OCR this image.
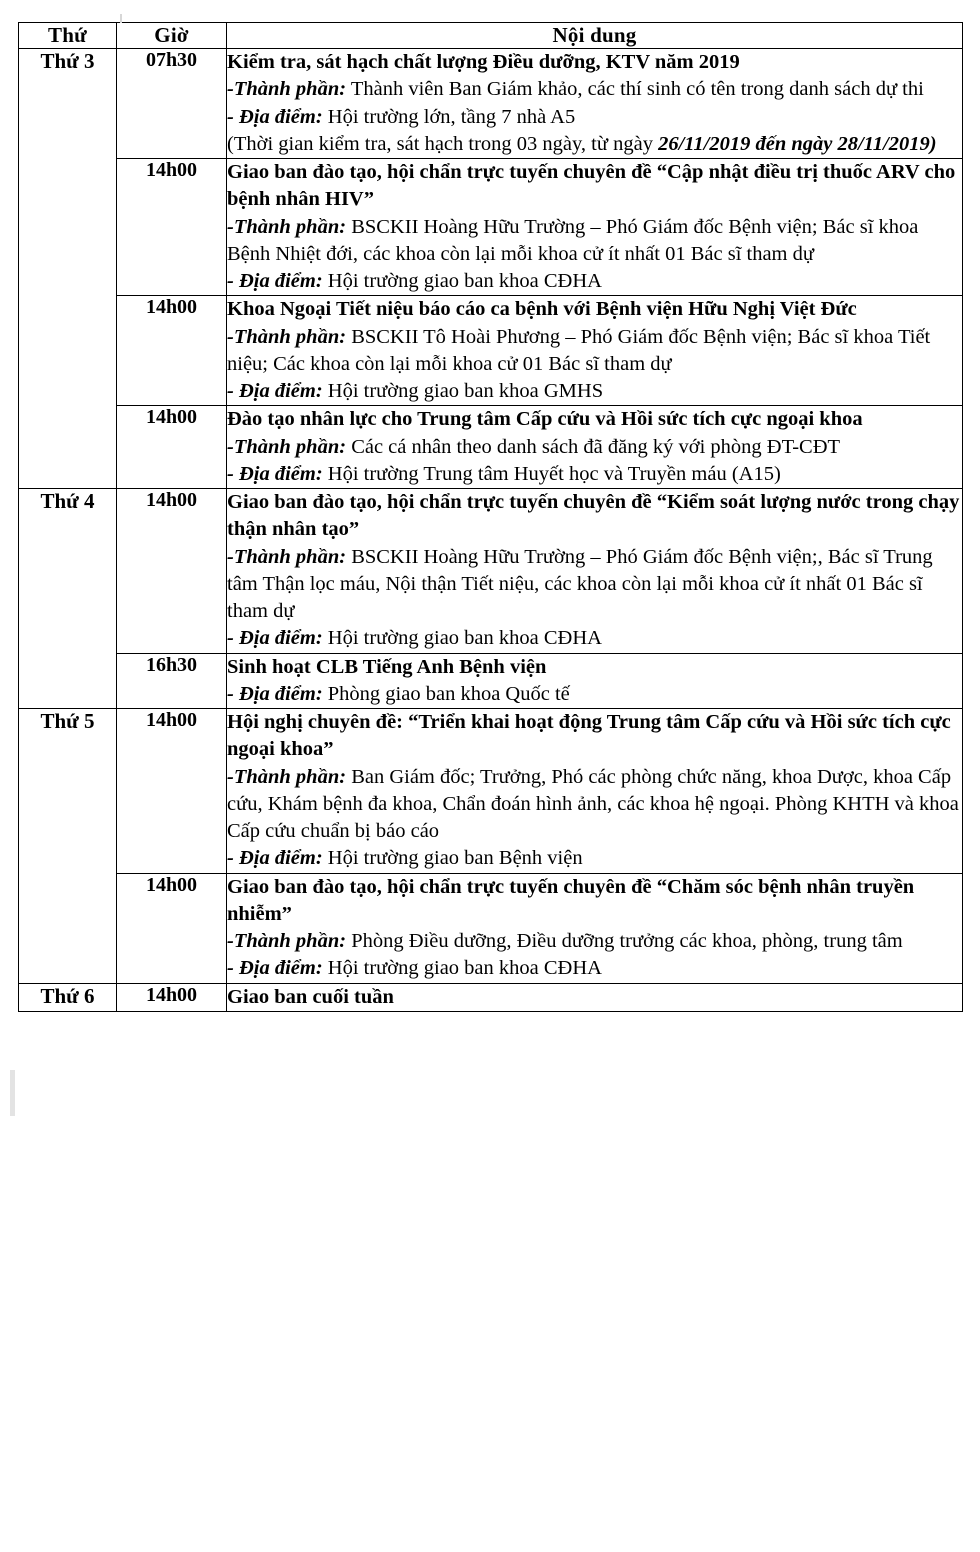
Thứ	Giờ	Nội dung
Thứ 3	07h30	Kiểm tra, sát hạch chất lượng Điều dưỡng, KTV năm 2019
-Thành phần: Thành viên Ban Giám khảo, các thí sinh có tên trong danh sách dự thi
- Địa điểm: Hội trường lớn, tầng 7 nhà A5
(Thời gian kiểm tra, sát hạch trong 03 ngày, từ ngày 26/11/2019 đến ngày 28/11/2019)

	14h00	Giao ban đào tạo, hội chẩn trực tuyến chuyên đề “Cập nhật điều trị thuốc ARV cho bệnh nhân HIV”
-Thành phần: BSCKII Hoàng Hữu Trường – Phó Giám đốc Bệnh viện; Bác sĩ khoa Bệnh Nhiệt đới, các khoa còn lại mỗi khoa cử ít nhất 01 Bác sĩ tham dự
- Địa điểm: Hội trường giao ban khoa CĐHA

	14h00	Khoa Ngoại Tiết niệu báo cáo ca bệnh với Bệnh viện Hữu Nghị Việt Đức
-Thành phần: BSCKII Tô Hoài Phương – Phó Giám đốc Bệnh viện; Bác sĩ khoa Tiết niệu; Các khoa còn lại mỗi khoa cử 01 Bác sĩ tham dự
- Địa điểm: Hội trường giao ban khoa GMHS

	14h00	Đào tạo nhân lực cho Trung tâm Cấp cứu và Hồi sức tích cực ngoại khoa
-Thành phần: Các cá nhân theo danh sách đã đăng ký với phòng ĐT-CĐT
- Địa điểm: Hội trường Trung tâm Huyết học và Truyền máu (A15)

Thứ 4	14h00	Giao ban đào tạo, hội chẩn trực tuyến chuyên đề “Kiểm soát lượng nước trong chạy thận nhân tạo”
-Thành phần: BSCKII Hoàng Hữu Trường – Phó Giám đốc Bệnh viện;, Bác sĩ Trung tâm Thận lọc máu, Nội thận Tiết niệu, các khoa còn lại mỗi khoa cử ít nhất 01 Bác sĩ tham dự
- Địa điểm: Hội trường giao ban khoa CĐHA

	16h30	Sinh hoạt CLB Tiếng Anh Bệnh viện
- Địa điểm: Phòng giao ban khoa Quốc tế

Thứ 5	14h00	Hội nghị chuyên đề: “Triển khai hoạt động Trung tâm Cấp cứu và Hồi sức tích cực ngoại khoa”
-Thành phần: Ban Giám đốc; Trưởng, Phó các phòng chức năng, khoa Dược, khoa Cấp cứu, Khám bệnh đa khoa, Chẩn đoán hình ảnh, các khoa hệ ngoại. Phòng KHTH và khoa Cấp cứu chuẩn bị báo cáo
- Địa điểm: Hội trường giao ban Bệnh viện

	14h00	Giao ban đào tạo, hội chẩn trực tuyến chuyên đề “Chăm sóc bệnh nhân truyền nhiễm”
-Thành phần: Phòng Điều dưỡng, Điều dưỡng trưởng các khoa, phòng, trung tâm
- Địa điểm: Hội trường giao ban khoa CĐHA

Thứ 6	14h00	Giao ban cuối tuần
